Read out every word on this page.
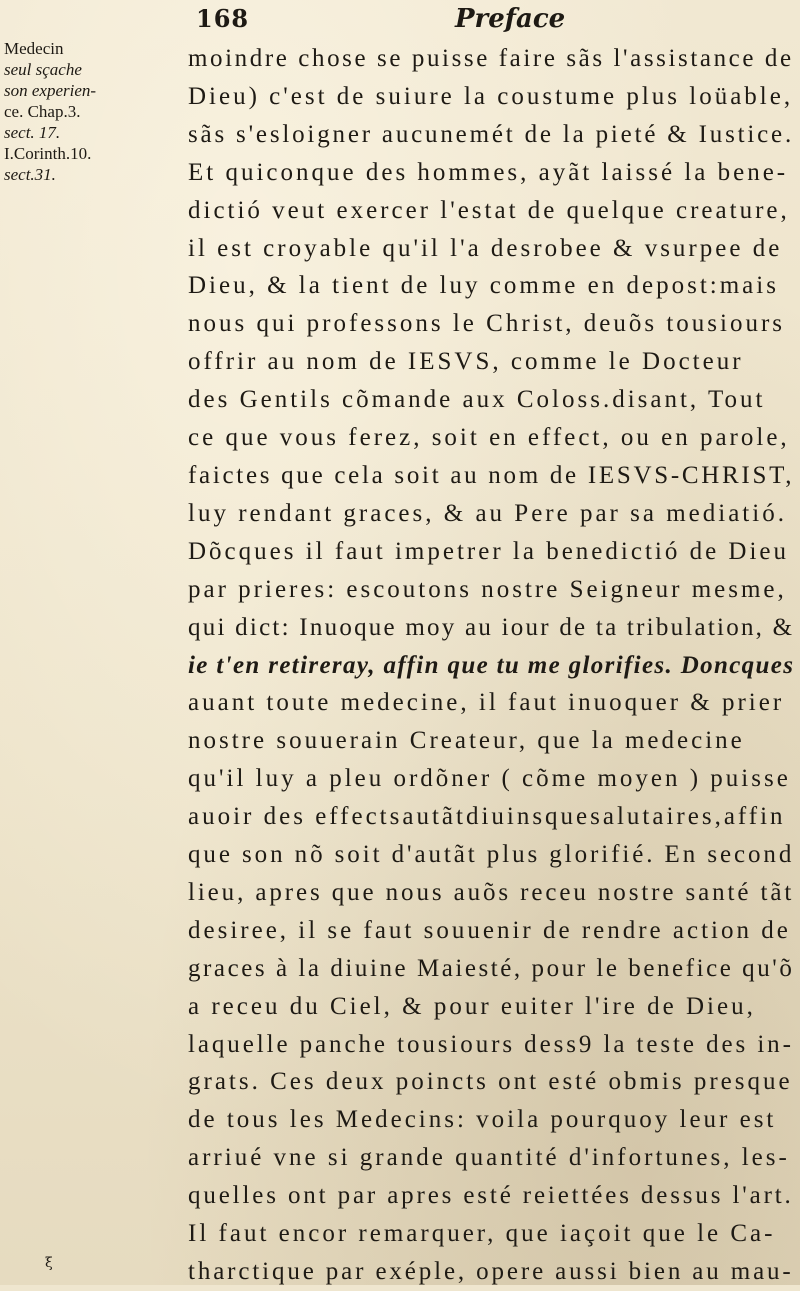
168	Preface
Medecin
seul sçache
son experien-
ce. Chap.3.
sect. 17.
I.Corinth.10.
sect.31.
moindre chose se puisse faire sãs l'assistance de
Dieu) c'est de suiure la coustume plus loüable,
sãs s'esloigner aucunemét de la pieté & Iustice.
Et quiconque des hommes, ayãt laissé la bene-
dictió veut exercer l'estat de quelque creature,
il est croyable qu'il l'a desrobee & vsurpee de
Dieu, & la tient de luy comme en depost:mais
nous qui professons le Christ, deuõs tousiours
offrir au nom de IESVS, comme le Docteur
des Gentils cõmande aux Coloss.disant, Tout
ce que vous ferez, soit en effect, ou en parole,
faictes que cela soit au nom de IESVS-CHRIST,
luy rendant graces, & au Pere par sa mediatió.
Dõcques il faut impetrer la benedictió de Dieu
par prieres: escoutons nostre Seigneur mesme,
qui dict: Inuoque moy au iour de ta tribulation, &
ie t'en retireray, affin que tu me glorifies. Doncques
auant toute medecine, il faut inuoquer & prier
nostre souuerain Createur, que la medecine
qu'il luy a pleu ordõner ( cõme moyen ) puisse
auoir des effectsautãtdiuinsquesalutaires,affin
que son nõ soit d'autãt plus glorifié. En second
lieu, apres que nous auõs receu nostre santé tãt
desiree, il se faut souuenir de rendre action de
graces à la diuine Maiesté, pour le benefice qu'õ
a receu du Ciel, & pour euiter l'ire de Dieu,
laquelle panche tousiours dess9 la teste des in-
grats. Ces deux poincts ont esté obmis presque
de tous les Medecins: voila pourquoy leur est
arriué vne si grande quantité d'infortunes, les-
quelles ont par apres esté reiettées dessus l'art.
Il faut encor remarquer, que iaçoit que le Ca-
tharctique par exéple, opere aussi bien au mau-
ξ
